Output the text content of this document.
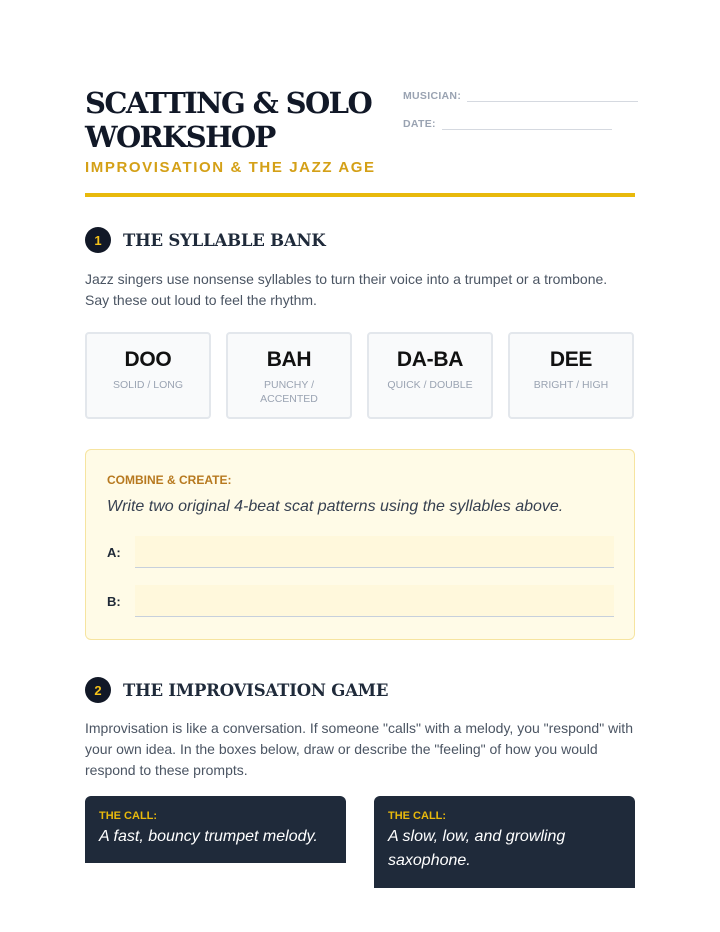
SCATTING & SOLO WORKSHOP
IMPROVISATION & THE JAZZ AGE
MUSICIAN:
DATE:
1	THE SYLLABLE BANK

Jazz singers use nonsense syllables to turn their voice into a trumpet or a trombone. Say these out loud to feel the rhythm.

DOO
SOLID / LONG
BAH
PUNCHY / ACCENTED
DA-BA
QUICK / DOUBLE
DEE
BRIGHT / HIGH
COMBINE & CREATE:
Write two original 4-beat scat patterns using the syllables above.
A:
B:
2	THE IMPROVISATION GAME

Improvisation is like a conversation. If someone "calls" with a melody, you "respond" with your own idea. In the boxes below, draw or describe the "feeling" of how you would respond to these prompts.

THE CALL:
A fast, bouncy trumpet melody.
THE CALL:
A slow, low, and growling saxophone.
